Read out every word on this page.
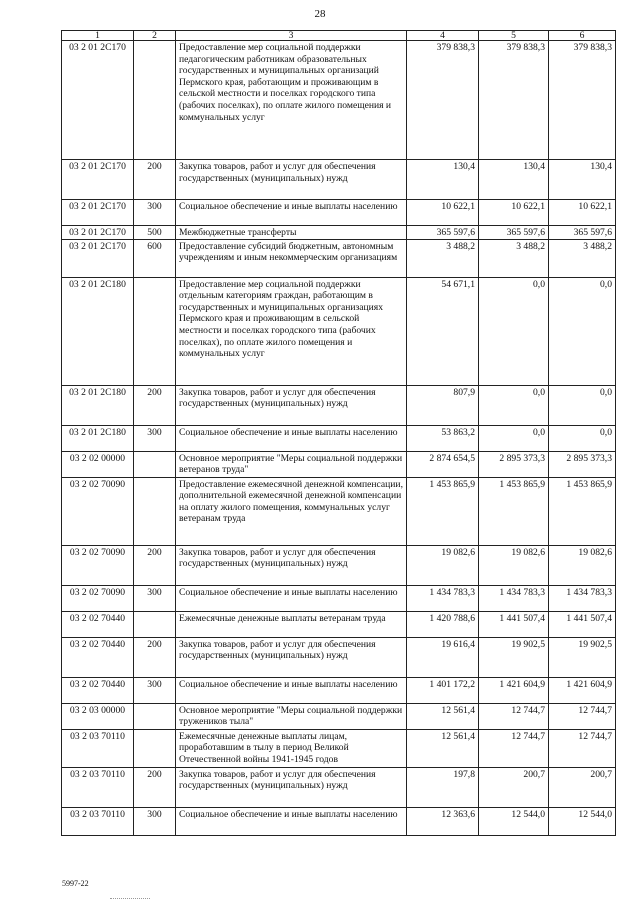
28
1	2	3	4	5	6
03 2 01 2С170		Предоставление мер социальной поддержки педагогическим работникам образовательных государственных и муниципальных организаций Пермского края, работающим и проживающим в сельской местности и поселках городского типа (рабочих поселках), по оплате жилого помещения и коммунальных услуг	379 838,3	379 838,3	379 838,3
03 2 01 2С170	200	Закупка товаров, работ и услуг для обеспечения государственных (муниципальных) нужд	130,4	130,4	130,4
03 2 01 2С170	300	Социальное обеспечение и иные выплаты населению	10 622,1	10 622,1	10 622,1
03 2 01 2С170	500	Межбюджетные трансферты	365 597,6	365 597,6	365 597,6
03 2 01 2С170	600	Предоставление субсидий бюджетным, автономным учреждениям и иным некоммерческим организациям	3 488,2	3 488,2	3 488,2
03 2 01 2С180		Предоставление мер социальной поддержки отдельным категориям граждан, работающим в государственных и муниципальных организациях Пермского края и проживающим в сельской местности и поселках городского типа (рабочих поселках), по оплате жилого помещения и коммунальных услуг	54 671,1	0,0	0,0
03 2 01 2С180	200	Закупка товаров, работ и услуг для обеспечения государственных (муниципальных) нужд	807,9	0,0	0,0
03 2 01 2С180	300	Социальное обеспечение и иные выплаты населению	53 863,2	0,0	0,0
03 2 02 00000		Основное мероприятие "Меры социальной поддержки ветеранов труда"	2 874 654,5	2 895 373,3	2 895 373,3
03 2 02 70090		Предоставление ежемесячной денежной компенсации, дополнительной ежемесячной денежной компенсации на оплату жилого помещения, коммунальных услуг ветеранам труда	1 453 865,9	1 453 865,9	1 453 865,9
03 2 02 70090	200	Закупка товаров, работ и услуг для обеспечения государственных (муниципальных) нужд	19 082,6	19 082,6	19 082,6
03 2 02 70090	300	Социальное обеспечение и иные выплаты населению	1 434 783,3	1 434 783,3	1 434 783,3
03 2 02 70440		Ежемесячные денежные выплаты ветеранам труда	1 420 788,6	1 441 507,4	1 441 507,4
03 2 02 70440	200	Закупка товаров, работ и услуг для обеспечения государственных (муниципальных) нужд	19 616,4	19 902,5	19 902,5
03 2 02 70440	300	Социальное обеспечение и иные выплаты населению	1 401 172,2	1 421 604,9	1 421 604,9
03 2 03 00000		Основное мероприятие "Меры социальной поддержки тружеников тыла"	12 561,4	12 744,7	12 744,7
03 2 03 70110		Ежемесячные денежные выплаты лицам, проработавшим в тылу в период Великой Отечественной войны 1941-1945 годов	12 561,4	12 744,7	12 744,7
03 2 03 70110	200	Закупка товаров, работ и услуг для обеспечения государственных (муниципальных) нужд	197,8	200,7	200,7
03 2 03 70110	300	Социальное обеспечение и иные выплаты населению	12 363,6	12 544,0	12 544,0
5997-22
